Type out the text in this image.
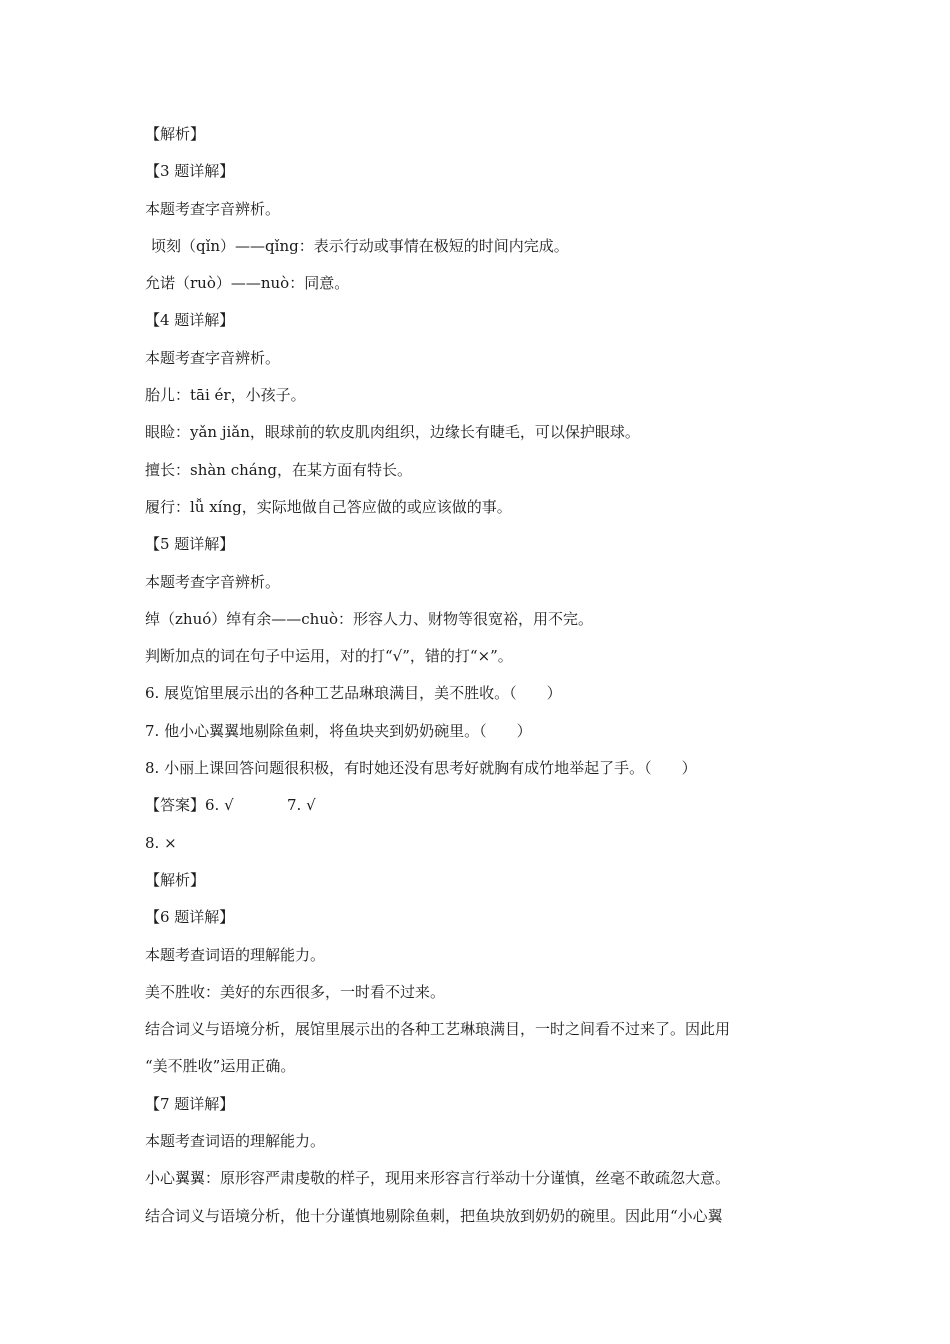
【解析】
【3 题详解】
本题考查字音辨析。
顷刻（qǐn）——qǐng：表示行动或事情在极短的时间内完成。
允诺（ruò）——nuò：同意。
【4 题详解】
本题考查字音辨析。
胎儿：tāi ér，小孩子。
眼睑：yǎn jiǎn，眼球前的软皮肌肉组织，边缘长有睫毛，可以保护眼球。
擅长：shàn cháng，在某方面有特长。
履行：lǚ xíng，实际地做自己答应做的或应该做的事。
【5 题详解】
本题考查字音辨析。
绰（zhuó）绰有余——chuò：形容人力、财物等很宽裕，用不完。
判断加点的词在句子中运用，对的打“√”，错的打“×”。
6. 展览馆里展示出的各种工艺品琳琅满目，美不胜收。（　　）
7. 他小心翼翼地剔除鱼刺，将鱼块夹到奶奶碗里。（　　）
8. 小丽上课回答问题很积极，有时她还没有思考好就胸有成竹地举起了手。（　　）
【答案】6. √	7. √
8. ×
【解析】
【6 题详解】
本题考查词语的理解能力。
美不胜收：美好的东西很多，一时看不过来。
结合词义与语境分析，展馆里展示出的各种工艺琳琅满目，一时之间看不过来了。因此用
“美不胜收”运用正确。
【7 题详解】
本题考查词语的理解能力。
小心翼翼：原形容严肃虔敬的样子，现用来形容言行举动十分谨慎，丝毫不敢疏忽大意。
结合词义与语境分析，他十分谨慎地剔除鱼刺，把鱼块放到奶奶的碗里。因此用“小心翼
